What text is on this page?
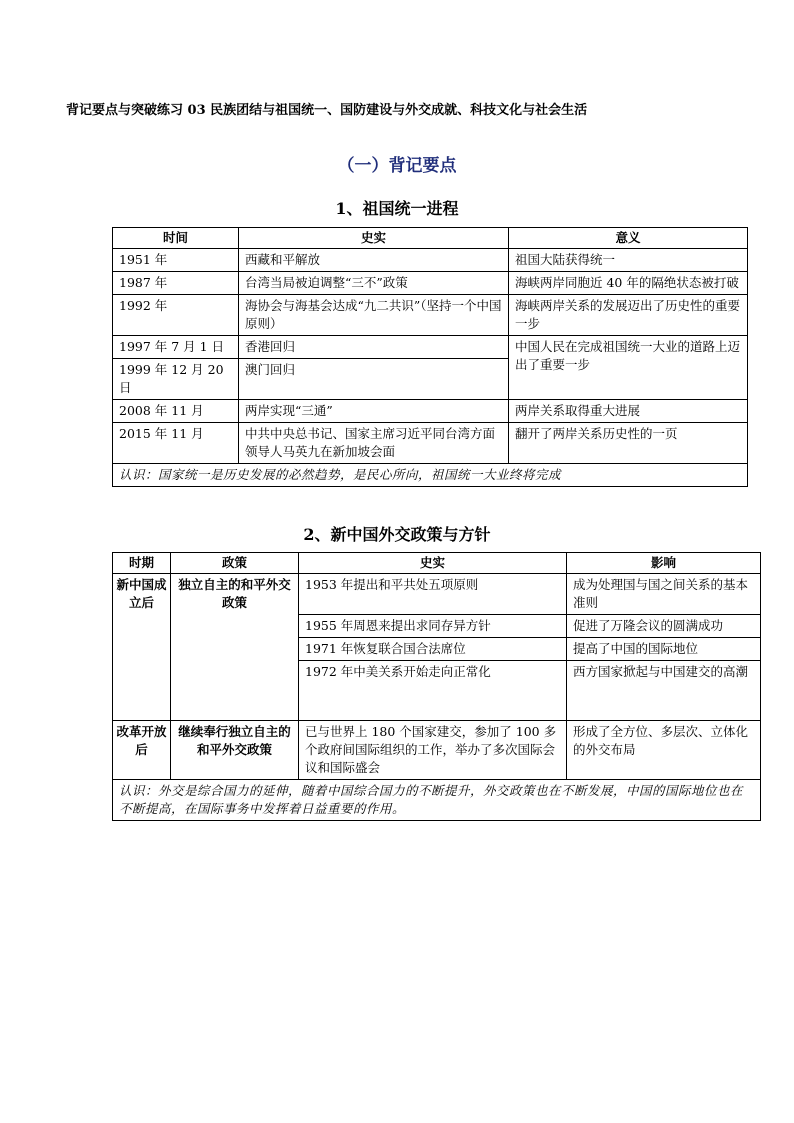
背记要点与突破练习 03 民族团结与祖国统一、国防建设与外交成就、科技文化与社会生活
（一）背记要点
1、祖国统一进程
时间	史实	意义
1951 年	西藏和平解放	祖国大陆获得统一
1987 年	台湾当局被迫调整“三不”政策	海峡两岸同胞近 40 年的隔绝状态被打破
1992 年	海协会与海基会达成“九二共识”（坚持一个中国原则）	海峡两岸关系的发展迈出了历史性的重要一步
1997 年 7 月 1 日	香港回归	中国人民在完成祖国统一大业的道路上迈出了重要一步
1999 年 12 月 20 日	澳门回归	
2008 年 11 月	两岸实现“三通”	两岸关系取得重大进展
2015 年 11 月	中共中央总书记、国家主席习近平同台湾方面领导人马英九在新加坡会面	翻开了两岸关系历史性的一页
认识：国家统一是历史发展的必然趋势，是民心所向，祖国统一大业终将完成		
2、新中国外交政策与方针
时期	政策	史实	影响
新中国成立后	独立自主的和平外交政策	1953 年提出和平共处五项原则	成为处理国与国之间关系的基本准则
		1955 年周恩来提出求同存异方针	促进了万隆会议的圆满成功
		1971 年恢复联合国合法席位	提高了中国的国际地位
		1972 年中美关系开始走向正常化	西方国家掀起与中国建交的高潮
改革开放后	继续奉行独立自主的和平外交政策	已与世界上 180 个国家建交，参加了 100 多个政府间国际组织的工作，举办了多次国际会议和国际盛会	形成了全方位、多层次、立体化的外交布局
认识：外交是综合国力的延伸，随着中国综合国力的不断提升，外交政策也在不断发展，中国的国际地位也在不断提高，在国际事务中发挥着日益重要的作用。			
